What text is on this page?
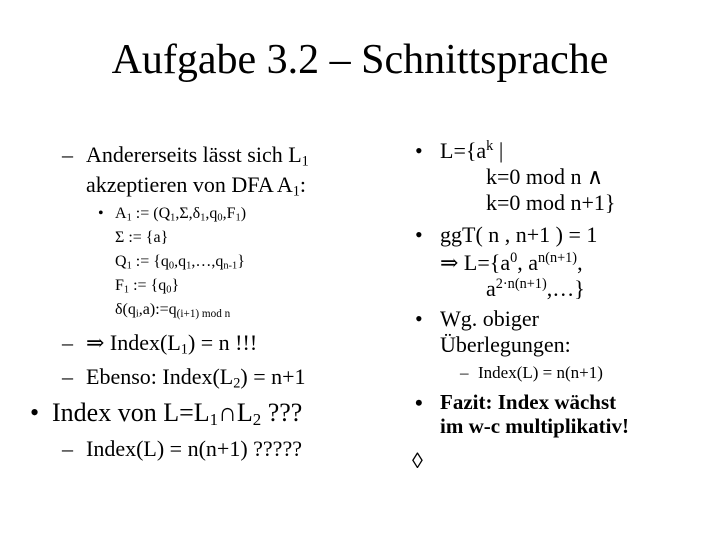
Aufgabe 3.2 – Schnittsprache
– Andererseits lässt sich $L_1$
akzeptieren von DFA $A_1$:
• $A_1$ := $(Q_1,\Sigma,\delta_1,q_0,F_1)$
Σ := {a}
$Q_1$ := $\{q_0,q_1,\dots,q_{n-1}\}$
$F_1$ := $\{q_0\}$
$\delta(q_i,a):=q_{(i+1) mod n}$
– ⇒ $Index(L_1) = n$ !!!
– Ebenso: $Index(L_2) = n+1$
• Index von $L=L_1\cap L_2$ ???
– Index(L) = n(n+1) ?????
• $L=\{a^k$ |
k=0 mod n ∧
k=0 mod n+1}
• ggT( n , n+1 ) = 1
⇒ $L=\{a^0$, $a^{n(n+1)}$,
$a^{2\cdot n(n+1)},\dots$}
• Wg. obiger
Überlegungen:
– Index(L) = n(n+1)
• Fazit: Index wächst
im w-c multiplikativ!
◊
